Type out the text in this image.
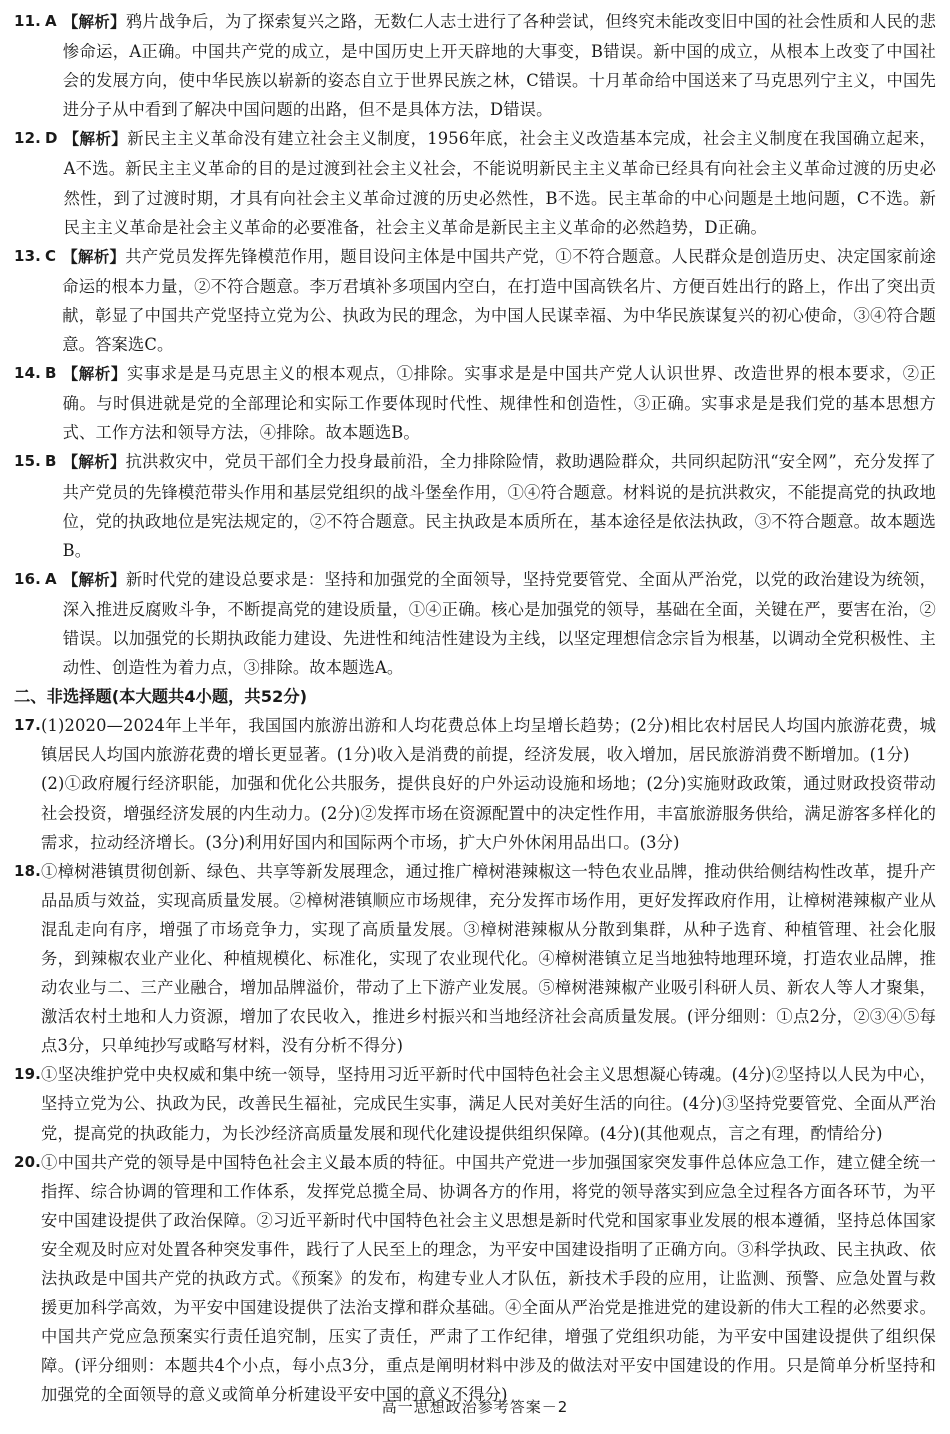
11. A 【解析】鸦片战争后，为了探索复兴之路，无数仁人志士进行了各种尝试，但终究未能改变旧中国的社会性质和人民的悲惨命运，A正确。中国共产党的成立，是中国历史上开天辟地的大事变，B错误。新中国的成立，从根本上改变了中国社会的发展方向，使中华民族以崭新的姿态自立于世界民族之林，C错误。十月革命给中国送来了马克思列宁主义，中国先进分子从中看到了解决中国问题的出路，但不是具体方法，D错误。
12. D 【解析】新民主主义革命没有建立社会主义制度，1956年底，社会主义改造基本完成，社会主义制度在我国确立起来，A不选。新民主主义革命的目的是过渡到社会主义社会，不能说明新民主主义革命已经具有向社会主义革命过渡的历史必然性，到了过渡时期，才具有向社会主义革命过渡的历史必然性，B不选。民主革命的中心问题是土地问题，C不选。新民主主义革命是社会主义革命的必要准备，社会主义革命是新民主主义革命的必然趋势，D正确。
13. C 【解析】共产党员发挥先锋模范作用，题目设问主体是中国共产党，①不符合题意。人民群众是创造历史、决定国家前途命运的根本力量，②不符合题意。李万君填补多项国内空白，在打造中国高铁名片、方便百姓出行的路上，作出了突出贡献，彰显了中国共产党坚持立党为公、执政为民的理念，为中国人民谋幸福、为中华民族谋复兴的初心使命，③④符合题意。答案选C。
14. B 【解析】实事求是是马克思主义的根本观点，①排除。实事求是是中国共产党人认识世界、改造世界的根本要求，②正确。与时俱进就是党的全部理论和实际工作要体现时代性、规律性和创造性，③正确。实事求是是我们党的基本思想方式、工作方法和领导方法，④排除。故本题选B。
15. B 【解析】抗洪救灾中，党员干部们全力投身最前沿，全力排除险情，救助遇险群众，共同织起防汛“安全网”，充分发挥了共产党员的先锋模范带头作用和基层党组织的战斗堡垒作用，①④符合题意。材料说的是抗洪救灾，不能提高党的执政地位，党的执政地位是宪法规定的，②不符合题意。民主执政是本质所在，基本途径是依法执政，③不符合题意。故本题选B。
16. A 【解析】新时代党的建设总要求是：坚持和加强党的全面领导，坚持党要管党、全面从严治党，以党的政治建设为统领，深入推进反腐败斗争，不断提高党的建设质量，①④正确。核心是加强党的领导，基础在全面，关键在严，要害在治，②错误。以加强党的长期执政能力建设、先进性和纯洁性建设为主线，以坚定理想信念宗旨为根基，以调动全党积极性、主动性、创造性为着力点，③排除。故本题选A。
二、非选择题(本大题共4小题，共52分)
17. (1)2020—2024年上半年，我国国内旅游出游和人均花费总体上均呈增长趋势；(2分)相比农村居民人均国内旅游花费，城镇居民人均国内旅游花费的增长更显著。(1分)收入是消费的前提，经济发展，收入增加，居民旅游消费不断增加。(1分)
(2)①政府履行经济职能，加强和优化公共服务，提供良好的户外运动设施和场地；(2分)实施财政政策，通过财政投资带动社会投资，增强经济发展的内生动力。(2分)②发挥市场在资源配置中的决定性作用，丰富旅游服务供给，满足游客多样化的需求，拉动经济增长。(3分)利用好国内和国际两个市场，扩大户外休闲用品出口。(3分)
18. ①樟树港镇贯彻创新、绿色、共享等新发展理念，通过推广樟树港辣椒这一特色农业品牌，推动供给侧结构性改革，提升产品品质与效益，实现高质量发展。②樟树港镇顺应市场规律，充分发挥市场作用，更好发挥政府作用，让樟树港辣椒产业从混乱走向有序，增强了市场竞争力，实现了高质量发展。③樟树港辣椒从分散到集群，从种子选育、种植管理、社会化服务，到辣椒农业产业化、种植规模化、标准化，实现了农业现代化。④樟树港镇立足当地独特地理环境，打造农业品牌，推动农业与二、三产业融合，增加品牌溢价，带动了上下游产业发展。⑤樟树港辣椒产业吸引科研人员、新农人等人才聚集，激活农村土地和人力资源，增加了农民收入，推进乡村振兴和当地经济社会高质量发展。(评分细则：①点2分，②③④⑤每点3分，只单纯抄写或略写材料，没有分析不得分)
19. ①坚决维护党中央权威和集中统一领导，坚持用习近平新时代中国特色社会主义思想凝心铸魂。(4分)②坚持以人民为中心，坚持立党为公、执政为民，改善民生福祉，完成民生实事，满足人民对美好生活的向往。(4分)③坚持党要管党、全面从严治党，提高党的执政能力，为长沙经济高质量发展和现代化建设提供组织保障。(4分)(其他观点，言之有理，酌情给分)
20. ①中国共产党的领导是中国特色社会主义最本质的特征。中国共产党进一步加强国家突发事件总体应急工作，建立健全统一指挥、综合协调的管理和工作体系，发挥党总揽全局、协调各方的作用，将党的领导落实到应急全过程各方面各环节，为平安中国建设提供了政治保障。②习近平新时代中国特色社会主义思想是新时代党和国家事业发展的根本遵循，坚持总体国家安全观及时应对处置各种突发事件，践行了人民至上的理念，为平安中国建设指明了正确方向。③科学执政、民主执政、依法执政是中国共产党的执政方式。《预案》的发布，构建专业人才队伍，新技术手段的应用，让监测、预警、应急处置与救援更加科学高效，为平安中国建设提供了法治支撑和群众基础。④全面从严治党是推进党的建设新的伟大工程的必然要求。中国共产党应急预案实行责任追究制，压实了责任，严肃了工作纪律，增强了党组织功能，为平安中国建设提供了组织保障。(评分细则：本题共4个小点，每小点3分，重点是阐明材料中涉及的做法对平安中国建设的作用。只是简单分析坚持和加强党的全面领导的意义或简单分析建设平安中国的意义不得分)
高一思想政治参考答案－2
